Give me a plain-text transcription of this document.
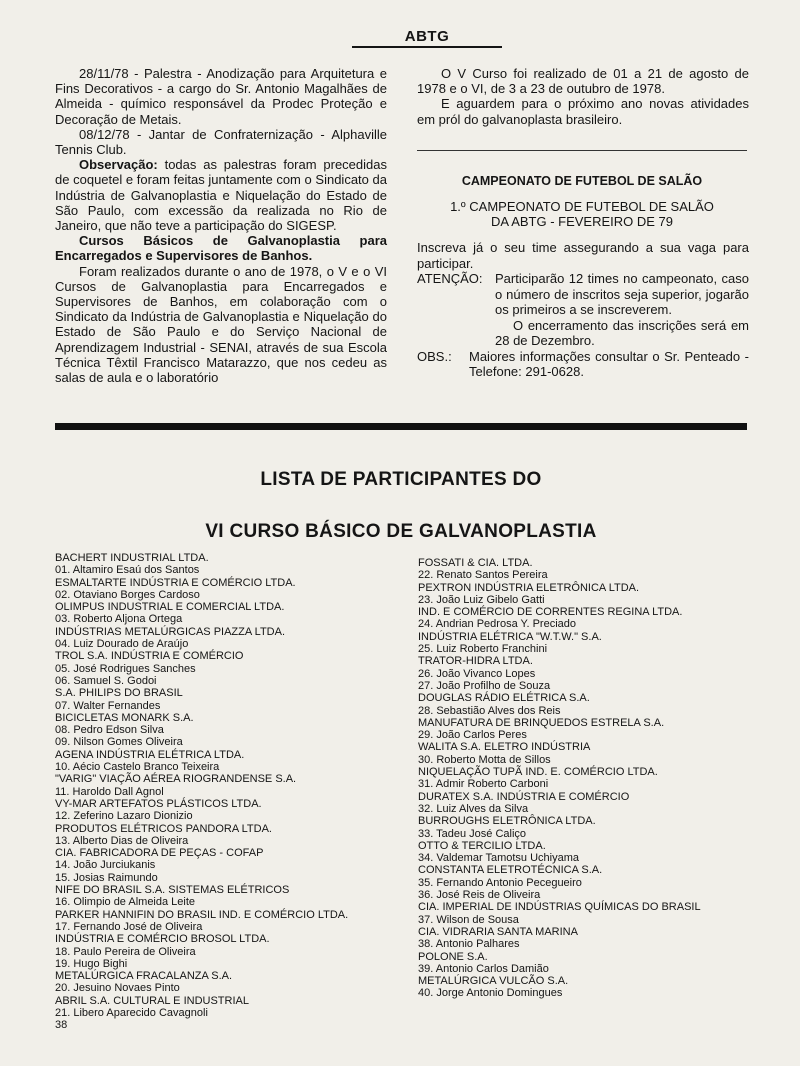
ABTG

28/11/78 - Palestra - Anodização para Arquitetura e Fins Decorativos - a cargo do Sr. Antonio Magalhães de Almeida - químico responsável da Prodec Proteção e Decoração de Metais.

08/12/78 - Jantar de Confraternização - Alphaville Tennis Club.

Observação: todas as palestras foram precedidas de coquetel e foram feitas juntamente com o Sindicato da Indústria de Galvanoplastia e Niquelação do Estado de São Paulo, com excessão da realizada no Rio de Janeiro, que não teve a participação do SIGESP.

Cursos Básicos de Galvanoplastia para Encarregados e Supervisores de Banhos.

Foram realizados durante o ano de 1978, o V e o VI Cursos de Galvanoplastia para Encarregados e Supervisores de Banhos, em colaboração com o Sindicato da Indústria de Galvanoplastia e Niquelação do Estado de São Paulo e do Serviço Nacional de Aprendizagem Industrial - SENAI, através de sua Escola Técnica Têxtil Francisco Matarazzo, que nos cedeu as salas de aula e o laboratório

O V Curso foi realizado de 01 a 21 de agosto de 1978 e o VI, de 3 a 23 de outubro de 1978.

E aguardem para o próximo ano novas atividades em pról do galvanoplasta brasileiro.

CAMPEONATO DE FUTEBOL DE SALÃO
1.º CAMPEONATO DE FUTEBOL DE SALÃO
DA ABTG - FEVEREIRO DE 79
Inscreva já o seu time assegurando a sua vaga para participar.
ATENÇÃO: Participarão 12 times no campeonato, caso o número de inscritos seja superior, jogarão os primeiros a se inscreverem.
O encerramento das inscrições será em 28 de Dezembro.
OBS.:	Maiores informações consultar o Sr. Penteado - Telefone: 291-0628.
LISTA DE PARTICIPANTES DO
VI CURSO BÁSICO DE GALVANOPLASTIA
BACHERT INDUSTRIAL LTDA.
01. Altamiro Esaú dos Santos
ESMALTARTE INDÚSTRIA E COMÉRCIO LTDA.
02. Otaviano Borges Cardoso
OLIMPUS INDUSTRIAL E COMERCIAL LTDA.
03. Roberto Aljona Ortega
INDÚSTRIAS METALÚRGICAS PIAZZA LTDA.
04. Luiz Dourado de Araújo
TROL S.A. INDÚSTRIA E COMÉRCIO
05. José Rodrigues Sanches
06. Samuel S. Godoi
S.A. PHILIPS DO BRASIL
07. Walter Fernandes
BICICLETAS MONARK S.A.
08. Pedro Edson Silva
09. Nilson Gomes Oliveira
AGENA INDÚSTRIA ELÉTRICA LTDA.
10. Aécio Castelo Branco Teixeira
"VARIG" VIAÇÃO AÉREA RIOGRANDENSE S.A.
11. Haroldo Dall Agnol
VY-MAR ARTEFATOS PLÁSTICOS LTDA.
12. Zeferino Lazaro Dionizio
PRODUTOS ELÉTRICOS PANDORA LTDA.
13. Alberto Dias de Oliveira
CIA. FABRICADORA DE PEÇAS - COFAP
14. João Jurciukanis
15. Josias Raimundo
NIFE DO BRASIL S.A. SISTEMAS ELÉTRICOS
16. Olimpio de Almeida Leite
PARKER HANNIFIN DO BRASIL IND. E COMÉRCIO LTDA.
17. Fernando José de Oliveira
INDÚSTRIA E COMÉRCIO BROSOL LTDA.
18. Paulo Pereira de Oliveira
19. Hugo Bighi
METALÚRGICA FRACALANZA S.A.
20. Jesuino Novaes Pinto
ABRIL S.A. CULTURAL E INDUSTRIAL
21. Libero Aparecido Cavagnoli
FOSSATI & CIA. LTDA.
22. Renato Santos Pereira
PEXTRON INDÚSTRIA ELETRÔNICA LTDA.
23. João Luiz Gibelo Gatti
IND. E COMÉRCIO DE CORRENTES REGINA LTDA.
24. Andrian Pedrosa Y. Preciado
INDÚSTRIA ELÉTRICA "W.T.W." S.A.
25. Luiz Roberto Franchini
TRATOR-HIDRA LTDA.
26. João Vivanco Lopes
27. João Profilho de Souza
DOUGLAS RÁDIO ELÉTRICA S.A.
28. Sebastião Alves dos Reis
MANUFATURA DE BRINQUEDOS ESTRELA S.A.
29. João Carlos Peres
WALITA S.A. ELETRO INDÚSTRIA
30. Roberto Motta de Sillos
NIQUELAÇÃO TUPÃ IND. E. COMÉRCIO LTDA.
31. Admir Roberto Carboni
DURATEX S.A. INDÚSTRIA E COMÉRCIO
32. Luiz Alves da Silva
BURROUGHS ELETRÔNICA LTDA.
33. Tadeu José Caliço
OTTO & TERCILIO LTDA.
34. Valdemar Tamotsu Uchiyama
CONSTANTA ELETROTÉCNICA S.A.
35. Fernando Antonio Pecegueiro
36. José Reis de Oliveira
CIA. IMPERIAL DE INDÚSTRIAS QUÍMICAS DO BRASIL
37. Wilson de Sousa
CIA. VIDRARIA SANTA MARINA
38. Antonio Palhares
POLONE S.A.
39. Antonio Carlos Damião
METALÚRGICA VULCÃO S.A.
40. Jorge Antonio Domingues
38
